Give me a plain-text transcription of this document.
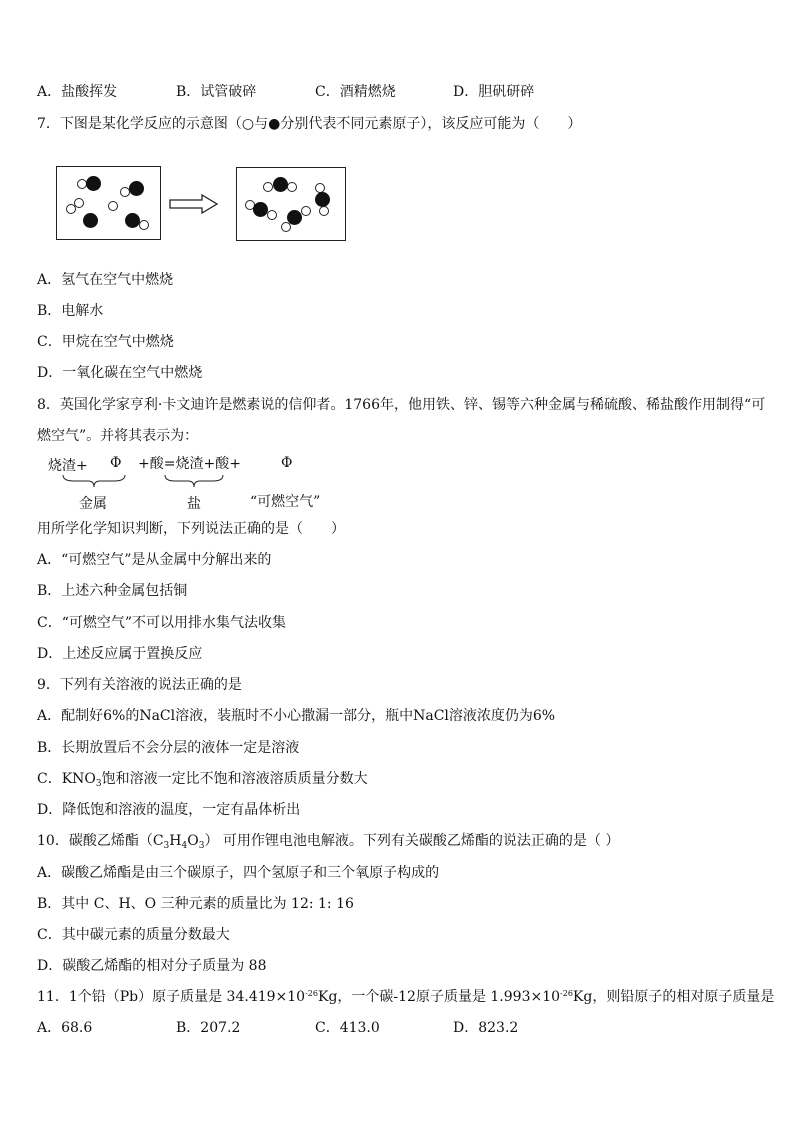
A．盐酸挥发	B．试管破碎	C．酒精燃烧	D．胆矾研碎
7．下图是某化学反应的示意图（○与●分别代表不同元素原子），该反应可能为（　　）
A．氢气在空气中燃烧
B．电解水
C．甲烷在空气中燃烧
D．一氧化碳在空气中燃烧
8．英国化学家亨利·卡文迪许是燃素说的信仰者。1766年，他用铁、锌、锡等六种金属与稀硫酸、稀盐酸作用制得“可
燃空气”。并将其表示为：
烧渣+ Φ +酸=烧渣+酸+	Φ
金属	盐	“可燃空气”
用所学化学知识判断，下列说法正确的是（　　）
A．“可燃空气”是从金属中分解出来的
B．上述六种金属包括铜
C．“可燃空气”不可以用排水集气法收集
D．上述反应属于置换反应
9．下列有关溶液的说法正确的是
A．配制好6%的NaCl溶液，装瓶时不小心撒漏一部分，瓶中NaCl溶液浓度仍为6%
B．长期放置后不会分层的液体一定是溶液
C．$KNO_3$饱和溶液一定比不饱和溶液溶质质量分数大
D．降低饱和溶液的温度，一定有晶体析出
10．碳酸乙烯酯$(C_3H_4O_3)$ 可用作锂电池电解液。下列有关碳酸乙烯酯的说法正确的是（ ）
A．碳酸乙烯酯是由三个碳原子，四个氢原子和三个氧原子构成的
B．其中 C、H、O 三种元素的质量比为 12: 1: 16
C．其中碳元素的质量分数最大
D．碳酸乙烯酯的相对分子质量为 88
11．1个铅（Pb）原子质量是 $34.419\times 10^{-26}Kg$，一个碳-12原子质量是 $1.993\times 10^{-26}Kg$，则铅原子的相对原子质量是
A．68.6	B．207.2	C．413.0	D．823.2
